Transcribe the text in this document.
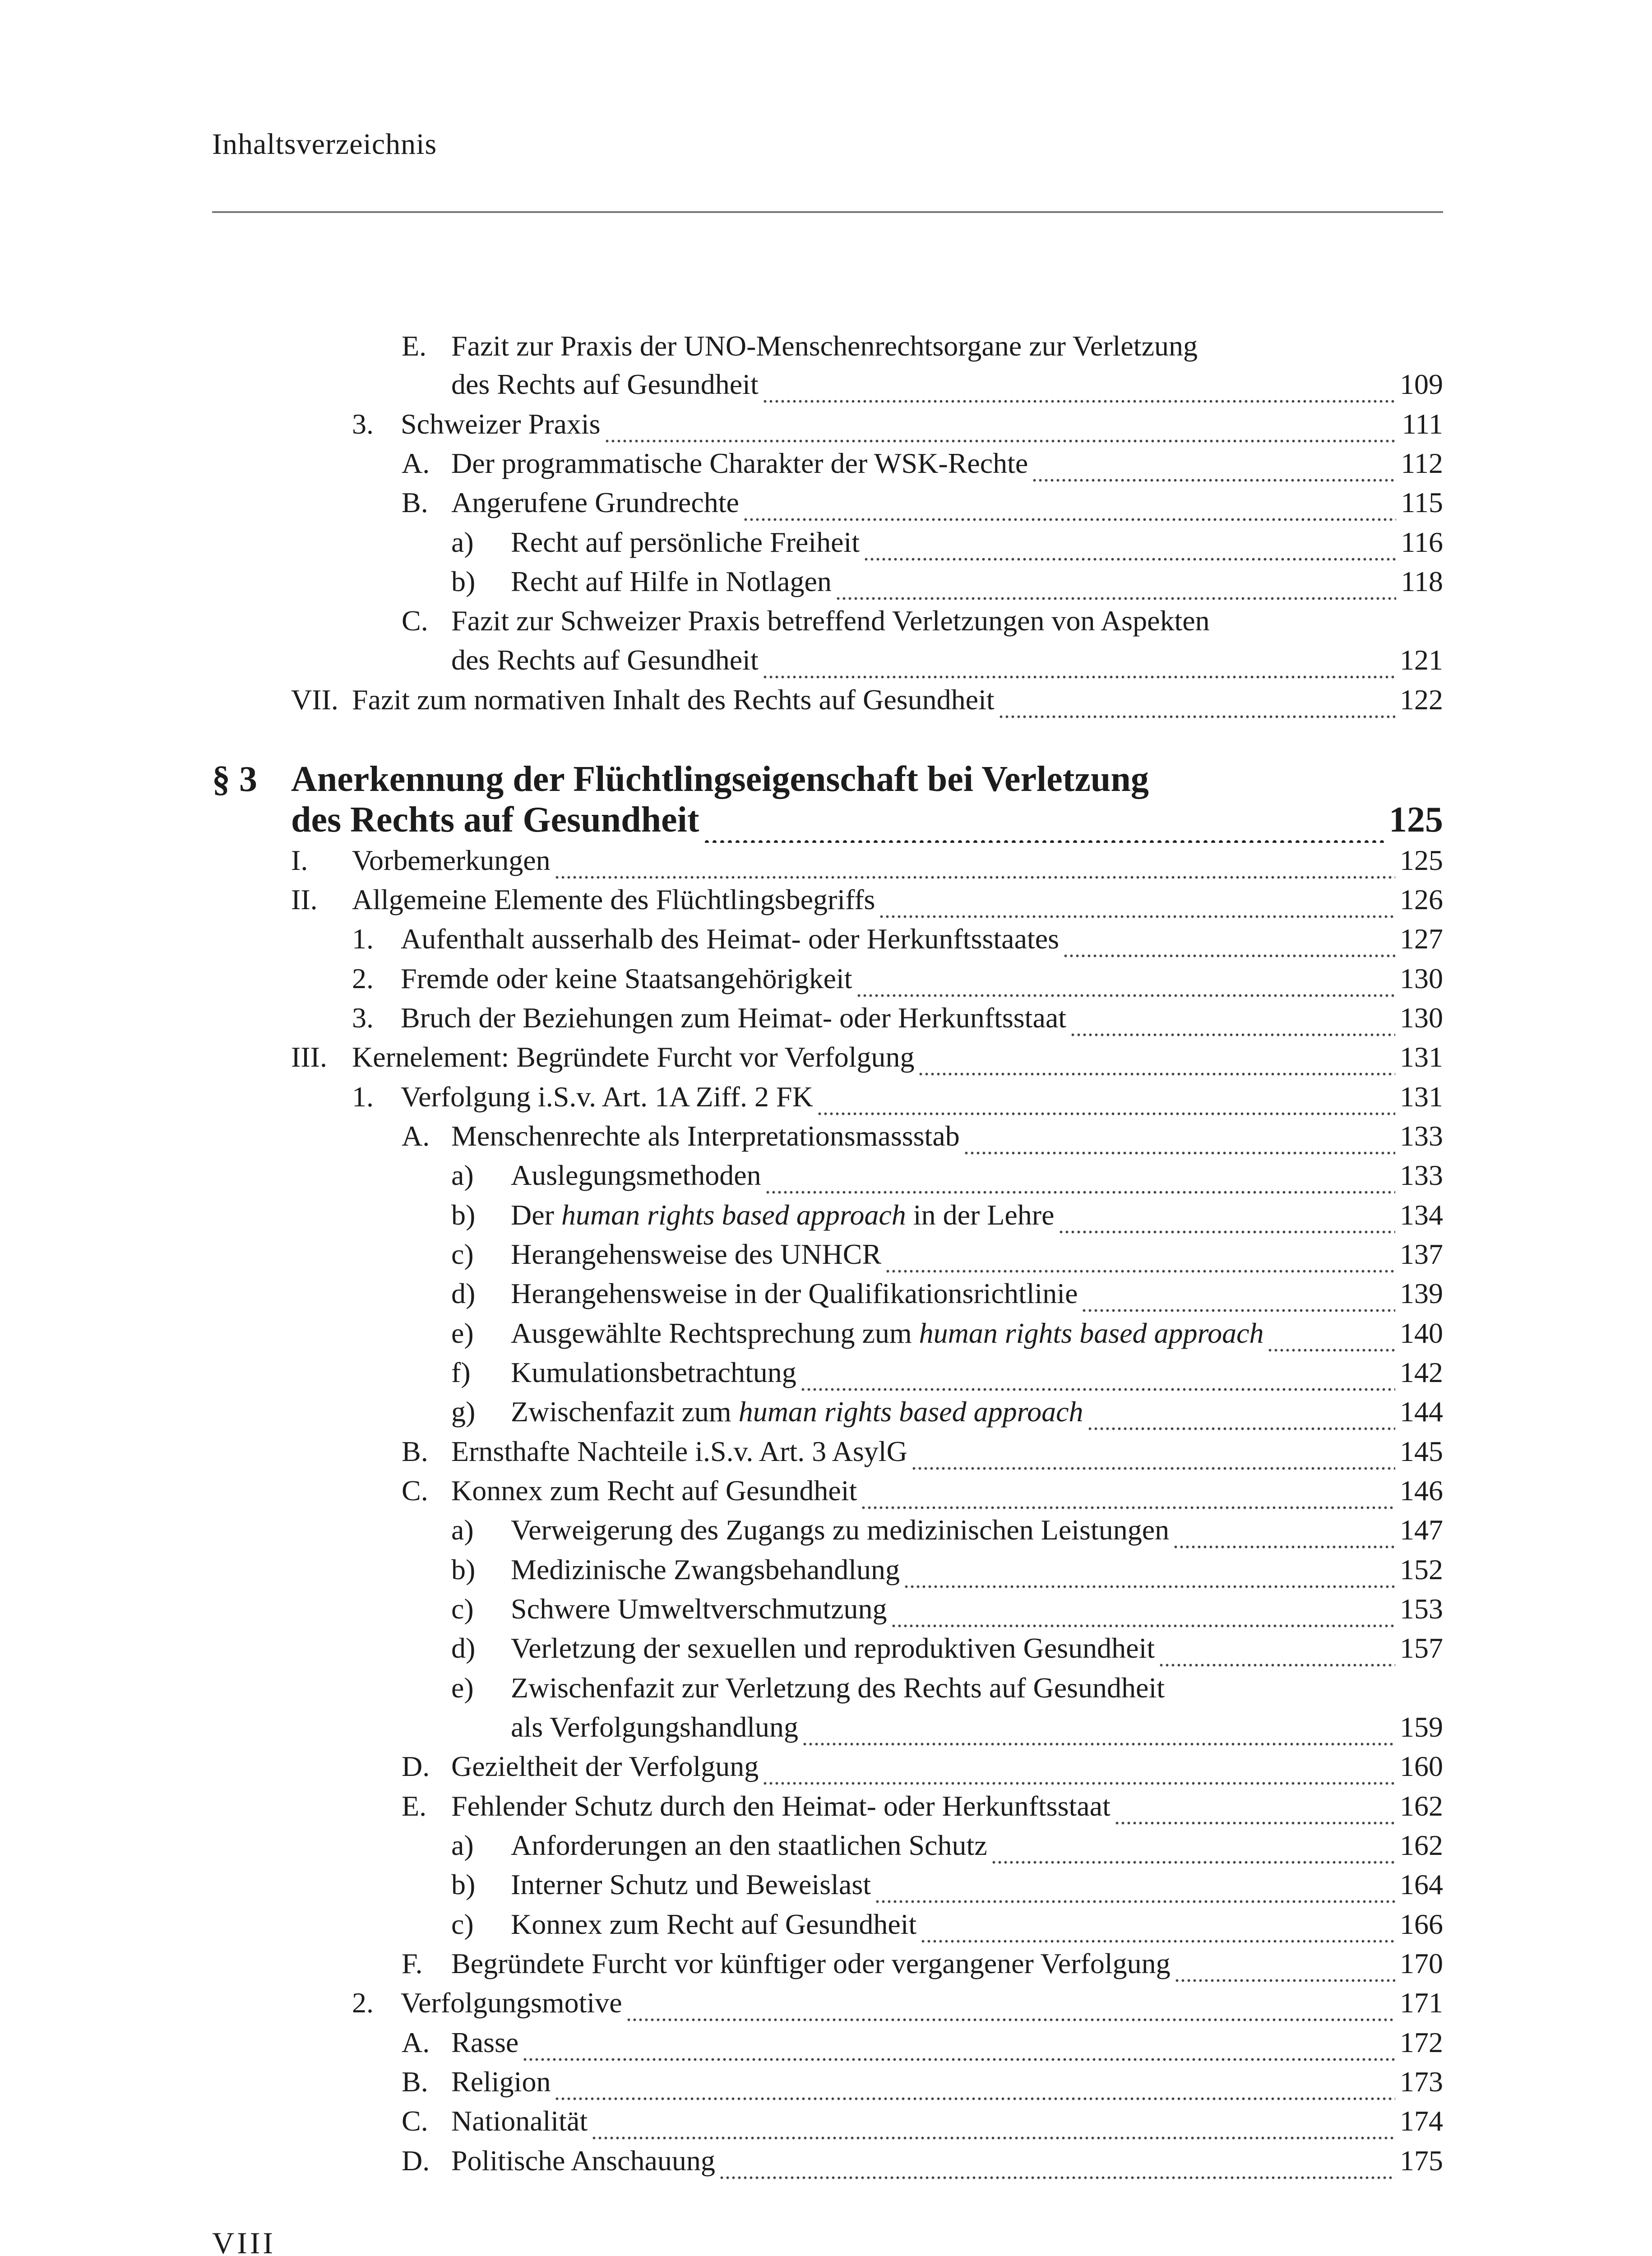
Inhaltsverzeichnis
E. Fazit zur Praxis der UNO-Menschenrechtsorgane zur Verletzung
des Rechts auf Gesundheit	109
3. Schweizer Praxis	111
A. Der programmatische Charakter der WSK-Rechte	112
B. Angerufene Grundrechte	115
a) Recht auf persönliche Freiheit	116
b) Recht auf Hilfe in Notlagen	118
C. Fazit zur Schweizer Praxis betreffend Verletzungen von Aspekten
des Rechts auf Gesundheit	121
VII. Fazit zum normativen Inhalt des Rechts auf Gesundheit	122
§ 3 Anerkennung der Flüchtlingseigenschaft bei Verletzung
des Rechts auf Gesundheit	125
I. Vorbemerkungen	125
II. Allgemeine Elemente des Flüchtlingsbegriffs	126
1. Aufenthalt ausserhalb des Heimat- oder Herkunftsstaates	127
2. Fremde oder keine Staatsangehörigkeit	130
3. Bruch der Beziehungen zum Heimat- oder Herkunftsstaat	130
III. Kernelement: Begründete Furcht vor Verfolgung	131
1. Verfolgung i.S.v. Art. 1A Ziff. 2 FK	131
A. Menschenrechte als Interpretationsmassstab	133
a) Auslegungsmethoden	133
b) Der human rights based approach in der Lehre	134
c) Herangehensweise des UNHCR	137
d) Herangehensweise in der Qualifikationsrichtlinie	139
e) Ausgewählte Rechtsprechung zum human rights based approach	140
f) Kumulationsbetrachtung	142
g) Zwischenfazit zum human rights based approach	144
B. Ernsthafte Nachteile i.S.v. Art. 3 AsylG	145
C. Konnex zum Recht auf Gesundheit	146
a) Verweigerung des Zugangs zu medizinischen Leistungen	147
b) Medizinische Zwangsbehandlung	152
c) Schwere Umweltverschmutzung	153
d) Verletzung der sexuellen und reproduktiven Gesundheit	157
e) Zwischenfazit zur Verletzung des Rechts auf Gesundheit
als Verfolgungshandlung	159
D. Gezieltheit der Verfolgung	160
E. Fehlender Schutz durch den Heimat- oder Herkunftsstaat	162
a) Anforderungen an den staatlichen Schutz	162
b) Interner Schutz und Beweislast	164
c) Konnex zum Recht auf Gesundheit	166
F. Begründete Furcht vor künftiger oder vergangener Verfolgung	170
2. Verfolgungsmotive	171
A. Rasse	172
B. Religion	173
C. Nationalität	174
D. Politische Anschauung	175
VIII
